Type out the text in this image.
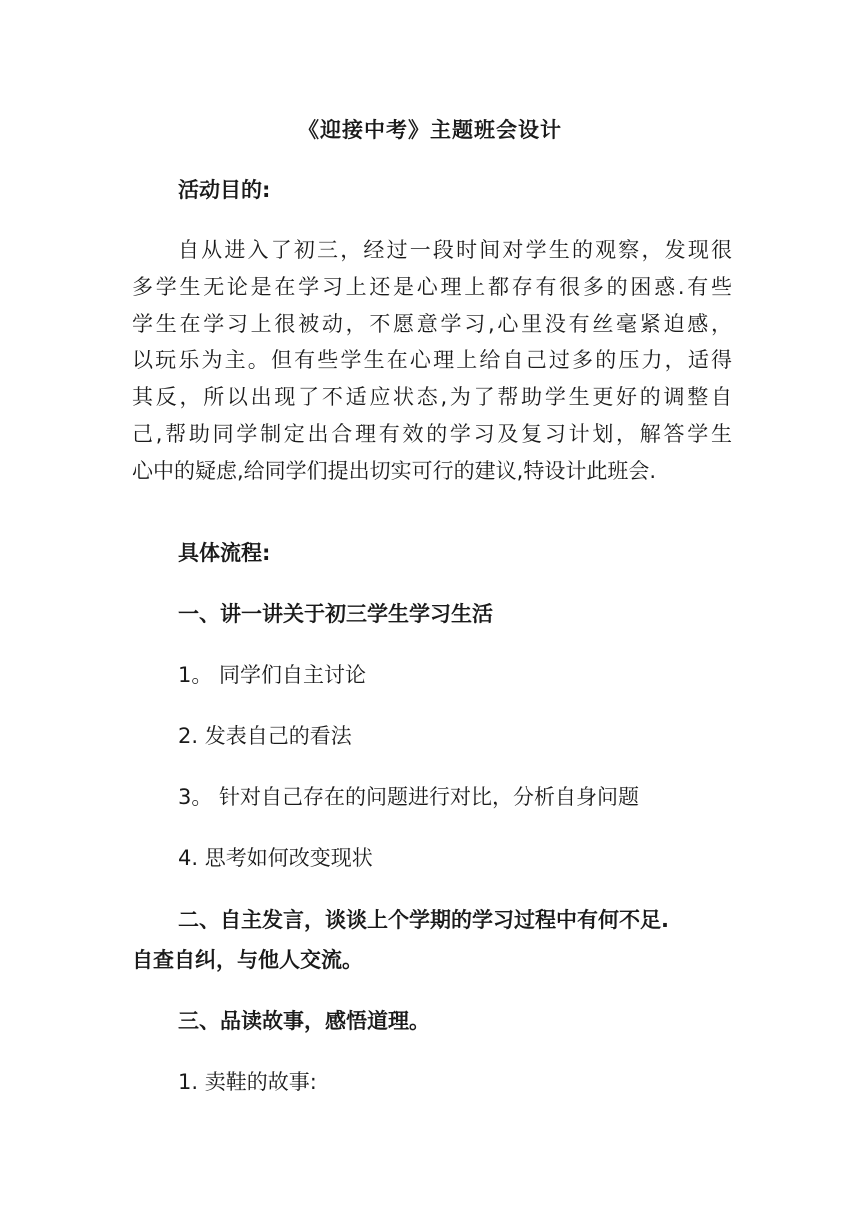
《迎接中考》主题班会设计
活动目的:
自从进入了初三，经过一段时间对学生的观察，发现很
多学生无论是在学习上还是心理上都存有很多的困惑.有些
学生在学习上很被动，不愿意学习,心里没有丝毫紧迫感，
以玩乐为主。但有些学生在心理上给自己过多的压力，适得
其反，所以出现了不适应状态,为了帮助学生更好的调整自
己,帮助同学制定出合理有效的学习及复习计划，解答学生
心中的疑虑,给同学们提出切实可行的建议,特设计此班会.
具体流程:
一、讲一讲关于初三学生学习生活
1。 同学们自主讨论
2. 发表自己的看法
3。 针对自己存在的问题进行对比，分析自身问题
4. 思考如何改变现状
二、自主发言，谈谈上个学期的学习过程中有何不足.
自查自纠，与他人交流。
三、品读故事，感悟道理。
1. 卖鞋的故事:
